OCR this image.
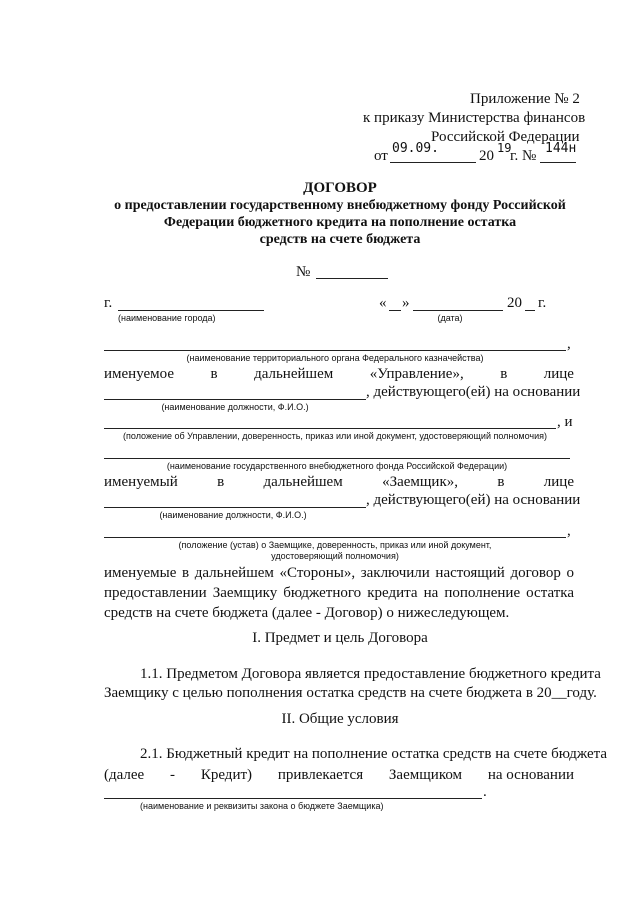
Приложение № 2
к приказу Министерства финансов
Российской Федерации
от 09.09.	20 19
г. № 144н
ДОГОВОР
о предоставлении государственному внебюджетному фонду Российской
Федерации бюджетного кредита на пополнение остатка
средств на счете бюджета
№
г.
(наименование города)
« »	20 г.
(дата)
,
(наименование территориального органа Федерального казначейства)
именуемое в дальнейшем «Управление», в лице
, действующего(ей) на основании
(наименование должности, Ф.И.О.)
, и
(положение об Управлении, доверенность, приказ или иной документ, удостоверяющий полномочия)
(наименование государственного внебюджетного фонда Российской Федерации)
именуемый	в	дальнейшем	«Заемщик»,	в	лице
, действующего(ей) на основании
(наименование должности, Ф.И.О.)
,
(положение (устав) о Заемщике, доверенность, приказ или иной документ,
удостоверяющий полномочия)
именуемые в дальнейшем «Стороны», заключили настоящий договор о
предоставлении Заемщику бюджетного кредита на пополнение остатка
средств на счете бюджета (далее - Договор) о нижеследующем.
I. Предмет и цель Договора
1.1. Предметом Договора является предоставление бюджетного кредита
Заемщику с целью пополнения остатка средств на счете бюджета в 20__году.
II. Общие условия
2.1. Бюджетный кредит на пополнение остатка средств на счете бюджета
(далее - Кредит) привлекается Заемщиком на основании
.
(наименование и реквизиты закона о бюджете Заемщика)
